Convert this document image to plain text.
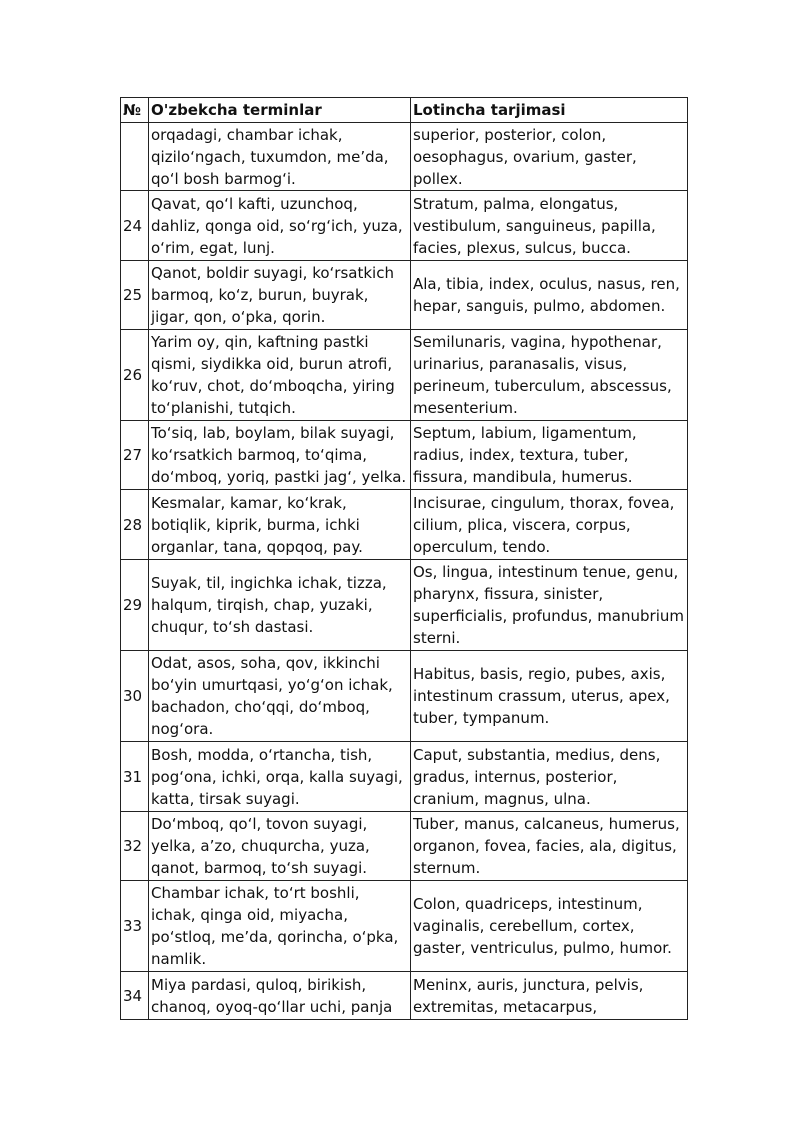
№	O'zbekcha terminlar	Lotincha tarjimasi
	orqadagi, chambar ichak, qizilo‘ngach, tuxumdon, me’da, qo‘l bosh barmog‘i.	superior, posterior, colon, oesophagus, ovarium, gaster, pollex.
24	Qavat, qo‘l kafti, uzunchoq, dahliz, qonga oid, so‘rg‘ich, yuza, o‘rim, egat, lunj.	Stratum, palma, elongatus, vestibulum, sanguineus, papilla, facies, plexus, sulcus, bucca.
25	Qanot, boldir suyagi, ko‘rsatkich barmoq, ko‘z, burun, buyrak, jigar, qon, o‘pka, qorin.	Ala, tibia, index, oculus, nasus, ren, hepar, sanguis, pulmo, abdomen.
26	Yarim oy, qin, kaftning pastki qismi, siydikka oid, burun atrofi, ko‘ruv, chot, do‘mboqcha, yiring to‘planishi, tutqich.	Semilunaris, vagina, hypothenar, urinarius, paranasalis, visus, perineum, tuberculum, abscessus, mesenterium.
27	To‘siq, lab, boylam, bilak suyagi, ko‘rsatkich barmoq, to‘qima, do‘mboq, yoriq, pastki jag‘, yelka.	Septum, labium, ligamentum, radius, index, textura, tuber, fissura, mandibula, humerus.
28	Kesmalar, kamar, ko‘krak, botiqlik, kiprik, burma, ichki organlar, tana, qopqoq, pay.	Incisurae, cingulum, thorax, fovea, cilium, plica, viscera, corpus, operculum, tendo.
29	Suyak, til, ingichka ichak, tizza, halqum, tirqish, chap, yuzaki, chuqur, to‘sh dastasi.	Os, lingua, intestinum tenue, genu, pharynx, fissura, sinister, superficialis, profundus, manubrium sterni.
30	Odat, asos, soha, qov, ikkinchi bo‘yin umurtqasi, yo‘g‘on ichak, bachadon, cho‘qqi, do‘mboq, nog‘ora.	Habitus, basis, regio, pubes, axis, intestinum crassum, uterus, apex, tuber, tympanum.
31	Bosh, modda, o‘rtancha, tish, pog‘ona, ichki, orqa, kalla suyagi, katta, tirsak suyagi.	Caput, substantia, medius, dens, gradus, internus, posterior, cranium, magnus, ulna.
32	Do‘mboq, qo‘l, tovon suyagi, yelka, a’zo, chuqurcha, yuza, qanot, barmoq, to‘sh suyagi.	Tuber, manus, calcaneus, humerus, organon, fovea, facies, ala, digitus, sternum.
33	Chambar ichak, to‘rt boshli, ichak, qinga oid, miyacha, po‘stloq, me’da, qorincha, o‘pka, namlik.	Colon, quadriceps, intestinum, vaginalis, cerebellum, cortex, gaster, ventriculus, pulmo, humor.
34	Miya pardasi, quloq, birikish, chanoq, oyoq-qo‘llar uchi, panja	Meninx, auris, junctura, pelvis, extremitas, metacarpus,
